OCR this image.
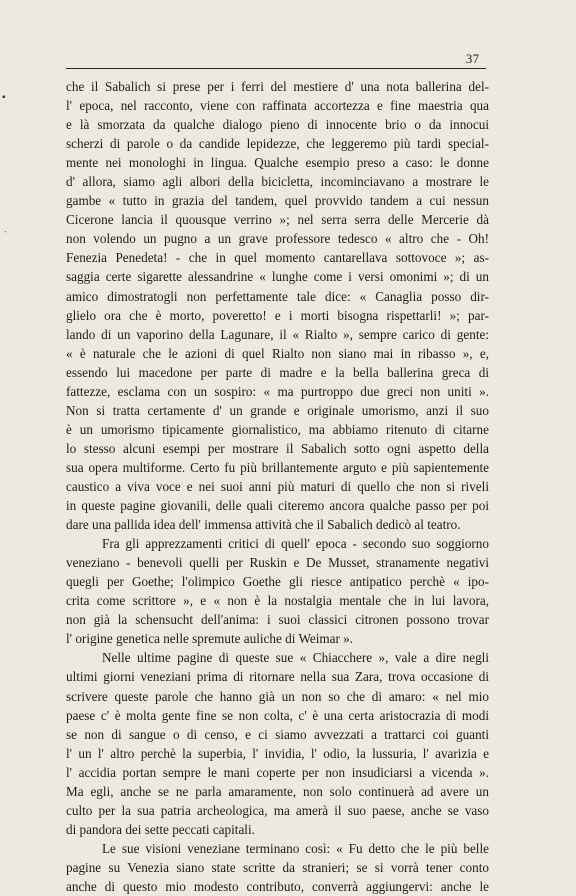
37
▪
ˏ

che il Sabalich si prese per i ferri del mestiere d' una nota ballerina del-

l' epoca, nel racconto, viene con raffinata accortezza e fine maestria qua

e là smorzata da qualche dialogo pieno di innocente brio o da innocui

scherzi di parole o da candide lepidezze, che leggeremo più tardi special-

mente nei monologhi in lingua. Qualche esempio preso a caso: le donne

d' allora, siamo agli albori della bicicletta, incominciavano a mostrare le

gambe « tutto in grazia del tandem, quel provvido tandem a cui nessun

Cicerone lancia il quousque verrino »; nel serra serra delle Mercerie dà

non volendo un pugno a un grave professore tedesco « altro che - Oh!

Fenezia Penedeta! - che in quel momento cantarellava sottovoce »; as-

saggia certe sigarette alessandrine « lunghe come i versi omonimi »; di un

amico dimostratogli non perfettamente tale dice: « Canaglia posso dir-

glielo ora che è morto, poveretto! e i morti bisogna rispettarli! »; par-

lando di un vaporino della Lagunare, il « Rialto », sempre carico di gente:

« è naturale che le azioni di quel Rialto non siano mai in ribasso », e,

essendo lui macedone per parte di madre e la bella ballerina greca di

fattezze, esclama con un sospiro: « ma purtroppo due greci non uniti ».

Non si tratta certamente d' un grande e originale umorismo, anzi il suo

è un umorismo tipicamente giornalistico, ma abbiamo ritenuto di citarne

lo stesso alcuni esempi per mostrare il Sabalich sotto ogni aspetto della

sua opera multiforme. Certo fu più brillantemente arguto e più sapientemente

caustico a viva voce e nei suoi anni più maturi di quello che non si riveli

in queste pagine giovanili, delle quali citeremo ancora qualche passo per poi

dare una pallida idea dell' immensa attività che il Sabalich dedicò al teatro.

Fra gli apprezzamenti critici di quell' epoca - secondo suo soggiorno

veneziano - benevoli quelli per Ruskin e De Musset, stranamente negativi

quegli per Goethe; l'olimpico Goethe gli riesce antipatico perchè « ipo-

crita come scrittore », e « non è la nostalgia mentale che in lui lavora,

non già la schensucht dell'anima: i suoi classici citronen possono trovar

l' origine genetica nelle spremute auliche di Weimar ».

Nelle ultime pagine di queste sue « Chiacchere », vale a dire negli

ultimi giorni veneziani prima di ritornare nella sua Zara, trova occasione di

scrivere queste parole che hanno già un non so che di amaro: « nel mio

paese c' è molta gente fine se non colta, c' è una certa aristocrazia di modi

se non di sangue o di censo, e ci siamo avvezzati a trattarci coi guanti

l' un l' altro perchè la superbia, l' invidia, l' odio, la lussuria, l' avarizia e

l' accidia portan sempre le mani coperte per non insudiciarsi a vicenda ».

Ma egli, anche se ne parla amaramente, non solo continuerà ad avere un

culto per la sua patria archeologica, ma amerà il suo paese, anche se vaso

di pandora dei sette peccati capitali.

Le sue visioni veneziane terminano così: « Fu detto che le più belle

pagine su Venezia siano state scritte da stranieri; se si vorrà tener conto

anche di questo mio modesto contributo, converrà aggiungervi: anche le
